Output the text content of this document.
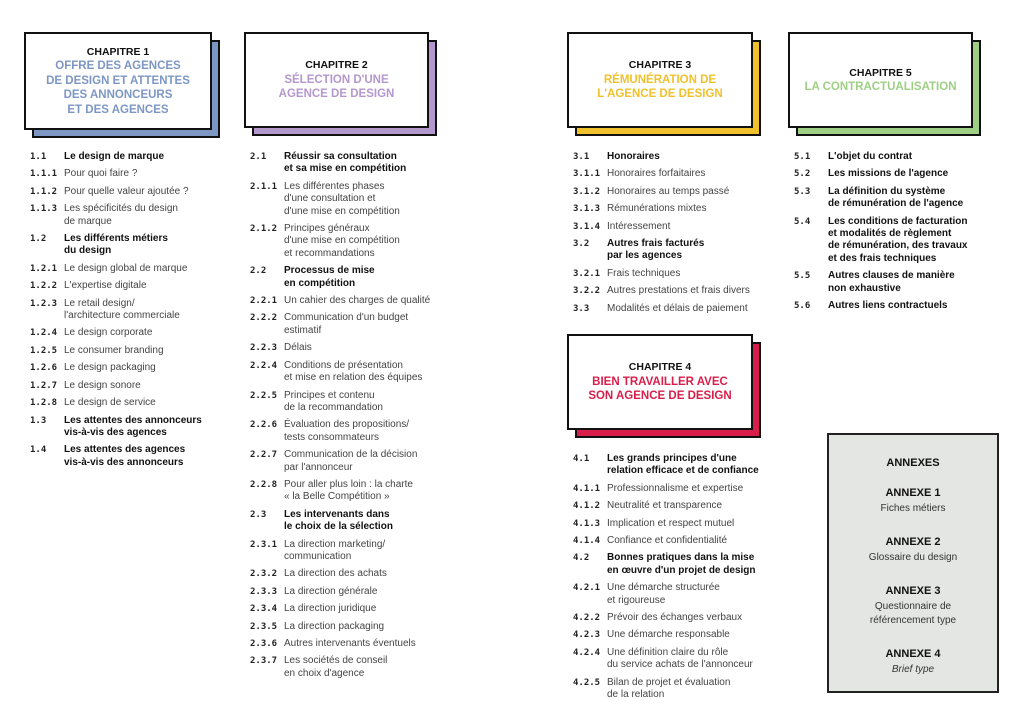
CHAPITRE 1
OFFRE DES AGENCES
DE DESIGN ET ATTENTES
DES ANNONCEURS
ET DES AGENCES
1.1	Le design de marque
1.1.1 Pour quoi faire ?
1.1.2 Pour quelle valeur ajoutée ?
1.1.3 Les spécificités du design
de marque
1.2	Les différents métiers
du design
1.2.1 Le design global de marque
1.2.2 L'expertise digitale
1.2.3 Le retail design/
l'architecture commerciale
1.2.4 Le design corporate
1.2.5 Le consumer branding
1.2.6 Le design packaging
1.2.7 Le design sonore
1.2.8 Le design de service
1.3	Les attentes des annonceurs
vis-à-vis des agences
1.4	Les attentes des agences
vis-à-vis des annonceurs
CHAPITRE 2
SÉLECTION D'UNE
AGENCE DE DESIGN
2.1	Réussir sa consultation
et sa mise en compétition
2.1.1 Les différentes phases
d'une consultation et
d'une mise en compétition
2.1.2 Principes généraux
d'une mise en compétition
et recommandations
2.2	Processus de mise
en compétition
2.2.1 Un cahier des charges de qualité
2.2.2 Communication d'un budget
estimatif
2.2.3 Délais
2.2.4 Conditions de présentation
et mise en relation des équipes
2.2.5 Principes et contenu
de la recommandation
2.2.6 Évaluation des propositions/
tests consommateurs
2.2.7 Communication de la décision
par l'annonceur
2.2.8 Pour aller plus loin : la charte
« la Belle Compétition »
2.3	Les intervenants dans
le choix de la sélection
2.3.1 La direction marketing/
communication
2.3.2 La direction des achats
2.3.3 La direction générale
2.3.4 La direction juridique
2.3.5 La direction packaging
2.3.6 Autres intervenants éventuels
2.3.7 Les sociétés de conseil
en choix d'agence
CHAPITRE 3
RÉMUNÉRATION DE
L'AGENCE DE DESIGN
3.1	Honoraires
3.1.1 Honoraires forfaitaires
3.1.2 Honoraires au temps passé
3.1.3 Rémunérations mixtes
3.1.4 Intéressement
3.2	Autres frais facturés
par les agences
3.2.1 Frais techniques
3.2.2 Autres prestations et frais divers
3.3	Modalités et délais de paiement
CHAPITRE 5
LA CONTRACTUALISATION
5.1	L'objet du contrat
5.2	Les missions de l'agence
5.3	La définition du système
de rémunération de l'agence
5.4	Les conditions de facturation
et modalités de règlement
de rémunération, des travaux
et des frais techniques
5.5	Autres clauses de manière
non exhaustive
5.6	Autres liens contractuels
CHAPITRE 4
BIEN TRAVAILLER AVEC
SON AGENCE DE DESIGN
4.1	Les grands principes d'une
relation efficace et de confiance
4.1.1 Professionnalisme et expertise
4.1.2 Neutralité et transparence
4.1.3 Implication et respect mutuel
4.1.4 Confiance et confidentialité
4.2	Bonnes pratiques dans la mise
en œuvre d'un projet de design
4.2.1 Une démarche structurée
et rigoureuse
4.2.2 Prévoir des échanges verbaux
4.2.3 Une démarche responsable
4.2.4 Une définition claire du rôle
du service achats de l'annonceur
4.2.5 Bilan de projet et évaluation
de la relation
ANNEXES
ANNEXE 1
Fiches métiers
ANNEXE 2
Glossaire du design
ANNEXE 3
Questionnaire de
référencement type
ANNEXE 4
Brief type
